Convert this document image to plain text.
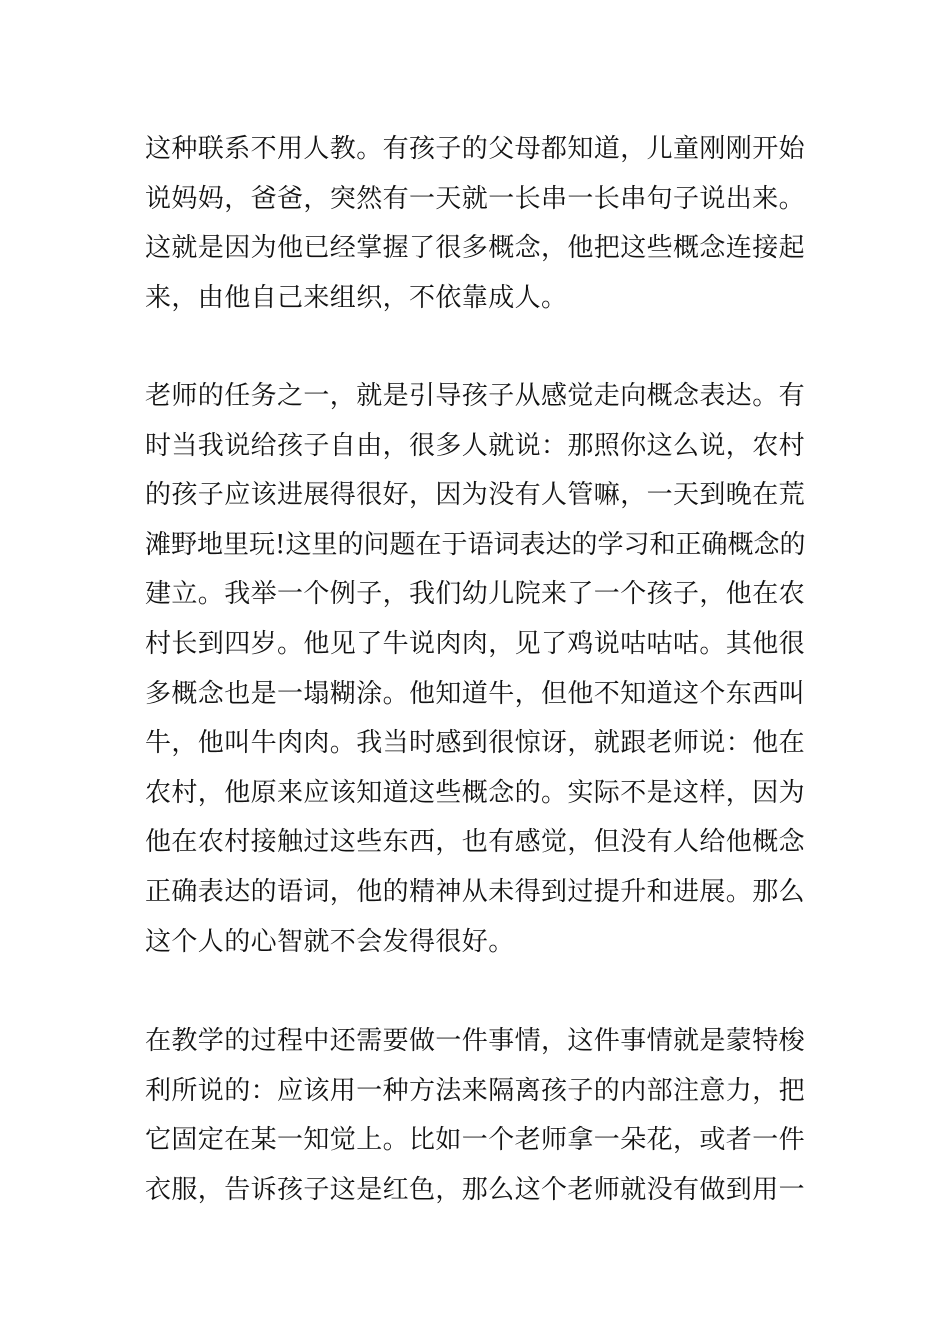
这种联系不用人教。有孩子的父母都知道，儿童刚刚开始
说妈妈，爸爸，突然有一天就一长串一长串句子说出来。
这就是因为他已经掌握了很多概念，他把这些概念连接起
来，由他自己来组织，不依靠成人。

老师的任务之一，就是引导孩子从感觉走向概念表达。有
时当我说给孩子自由，很多人就说：那照你这么说，农村
的孩子应该进展得很好，因为没有人管嘛，一天到晚在荒
滩野地里玩!这里的问题在于语词表达的学习和正确概念的
建立。我举一个例子，我们幼儿院来了一个孩子，他在农
村长到四岁。他见了牛说肉肉，见了鸡说咕咕咕。其他很
多概念也是一塌糊涂。他知道牛，但他不知道这个东西叫
牛，他叫牛肉肉。我当时感到很惊讶，就跟老师说：他在
农村，他原来应该知道这些概念的。实际不是这样，因为
他在农村接触过这些东西，也有感觉，但没有人给他概念
正确表达的语词，他的精神从未得到过提升和进展。那么
这个人的心智就不会发得很好。

在教学的过程中还需要做一件事情，这件事情就是蒙特梭
利所说的：应该用一种方法来隔离孩子的内部注意力，把
它固定在某一知觉上。比如一个老师拿一朵花，或者一件
衣服，告诉孩子这是红色，那么这个老师就没有做到用一
